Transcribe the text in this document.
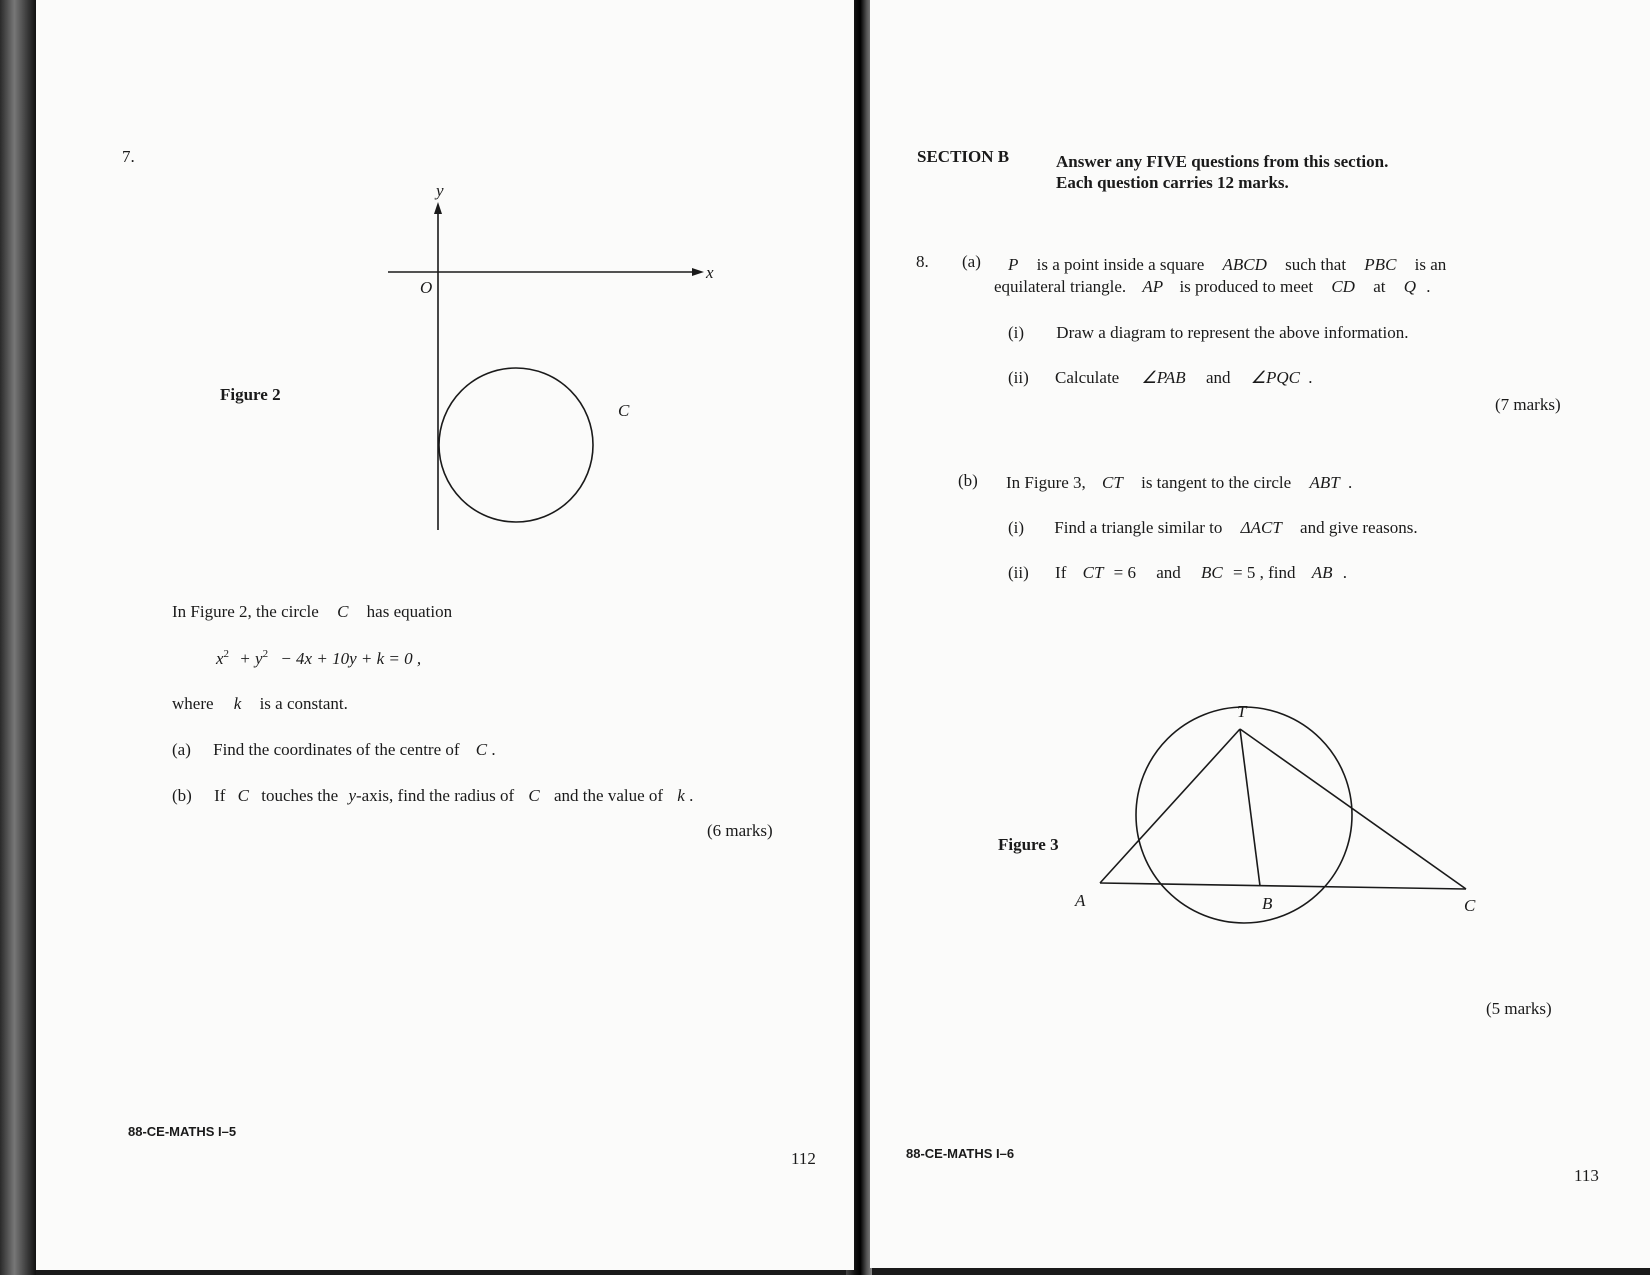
7.
y
x
O
C
Figure 2
In Figure 2, the circle C has equation
$x^2 + y^2 - 4x + 10y + k = 0$ ,
where k is a constant.
(a) Find the coordinates of the centre of C .
(b) If C touches the y-axis, find the radius of C and the value of k .
(6 marks)
88-CE-MATHS I–5
112
SECTION B	Answer any FIVE questions from this section.
Each question carries 12 marks.
8. (a) P is a point inside a square ABCD such that PBC is an
equilateral triangle. AP is produced to meet CD at Q .
(i) Draw a diagram to represent the above information.
(ii) Calculate ∠PAB and ∠PQC .
(7 marks)
(b) In Figure 3, CT is tangent to the circle ABT .
(i) Find a triangle similar to ΔACT and give reasons.
(ii) If CT = 6 and BC = 5 , find AB .
T
A	B	C
Figure 3
(5 marks)
88-CE-MATHS I–6
113
